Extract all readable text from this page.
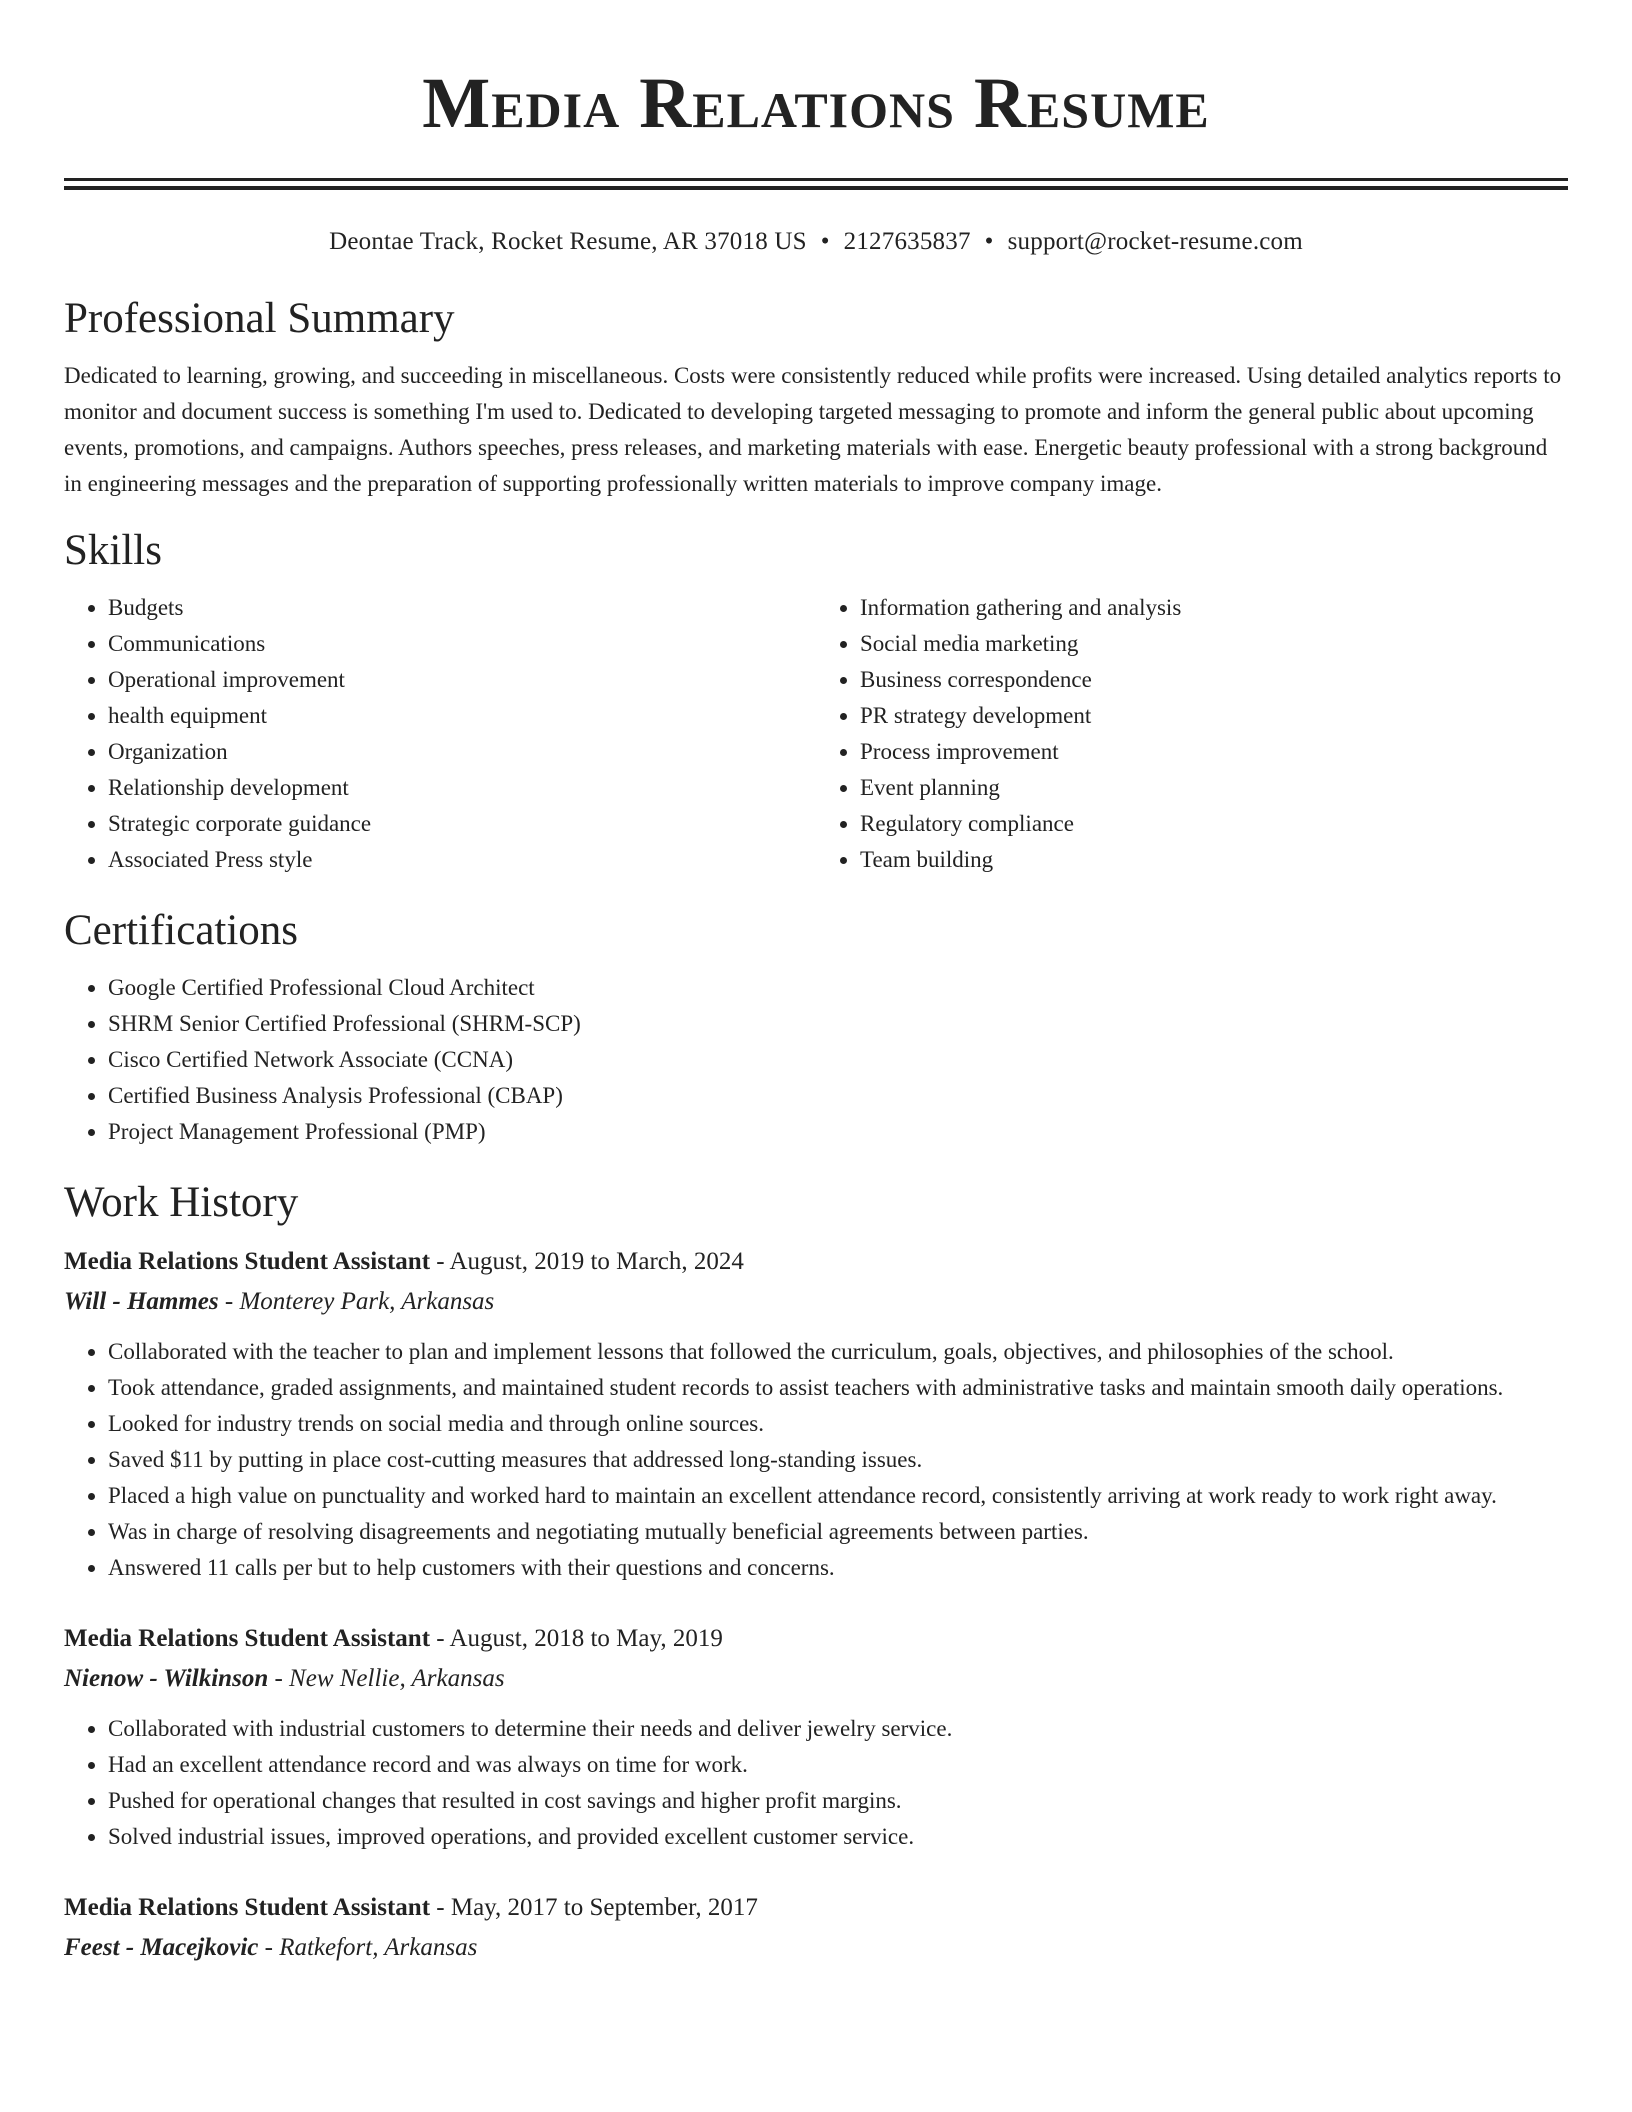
Media Relations Resume
Deontae Track, Rocket Resume, AR 37018 US • 2127635837 • support@rocket-resume.com
Professional Summary

Dedicated to learning, growing, and succeeding in miscellaneous. Costs were consistently reduced while profits were increased. Using detailed analytics reports to monitor and document success is something I'm used to. Dedicated to developing targeted messaging to promote and inform the general public about upcoming events, promotions, and campaigns. Authors speeches, press releases, and marketing materials with ease. Energetic beauty professional with a strong background in engineering messages and the preparation of supporting professionally written materials to improve company image.

Skills
• Budgets
• Communications
• Operational improvement
• health equipment
• Organization
• Relationship development
• Strategic corporate guidance
• Associated Press style
• Information gathering and analysis
• Social media marketing
• Business correspondence
• PR strategy development
• Process improvement
• Event planning
• Regulatory compliance
• Team building
Certifications
• Google Certified Professional Cloud Architect
• SHRM Senior Certified Professional (SHRM-SCP)
• Cisco Certified Network Associate (CCNA)
• Certified Business Analysis Professional (CBAP)
• Project Management Professional (PMP)
Work History
Media Relations Student Assistant - August, 2019 to March, 2024
Will - Hammes - Monterey Park, Arkansas
• Collaborated with the teacher to plan and implement lessons that followed the curriculum, goals, objectives, and philosophies of the school.
• Took attendance, graded assignments, and maintained student records to assist teachers with administrative tasks and maintain smooth daily operations.
• Looked for industry trends on social media and through online sources.
• Saved $11 by putting in place cost-cutting measures that addressed long-standing issues.
• Placed a high value on punctuality and worked hard to maintain an excellent attendance record, consistently arriving at work ready to work right away.
• Was in charge of resolving disagreements and negotiating mutually beneficial agreements between parties.
• Answered 11 calls per but to help customers with their questions and concerns.
Media Relations Student Assistant - August, 2018 to May, 2019
Nienow - Wilkinson - New Nellie, Arkansas
• Collaborated with industrial customers to determine their needs and deliver jewelry service.
• Had an excellent attendance record and was always on time for work.
• Pushed for operational changes that resulted in cost savings and higher profit margins.
• Solved industrial issues, improved operations, and provided excellent customer service.
Media Relations Student Assistant - May, 2017 to September, 2017
Feest - Macejkovic - Ratkefort, Arkansas
